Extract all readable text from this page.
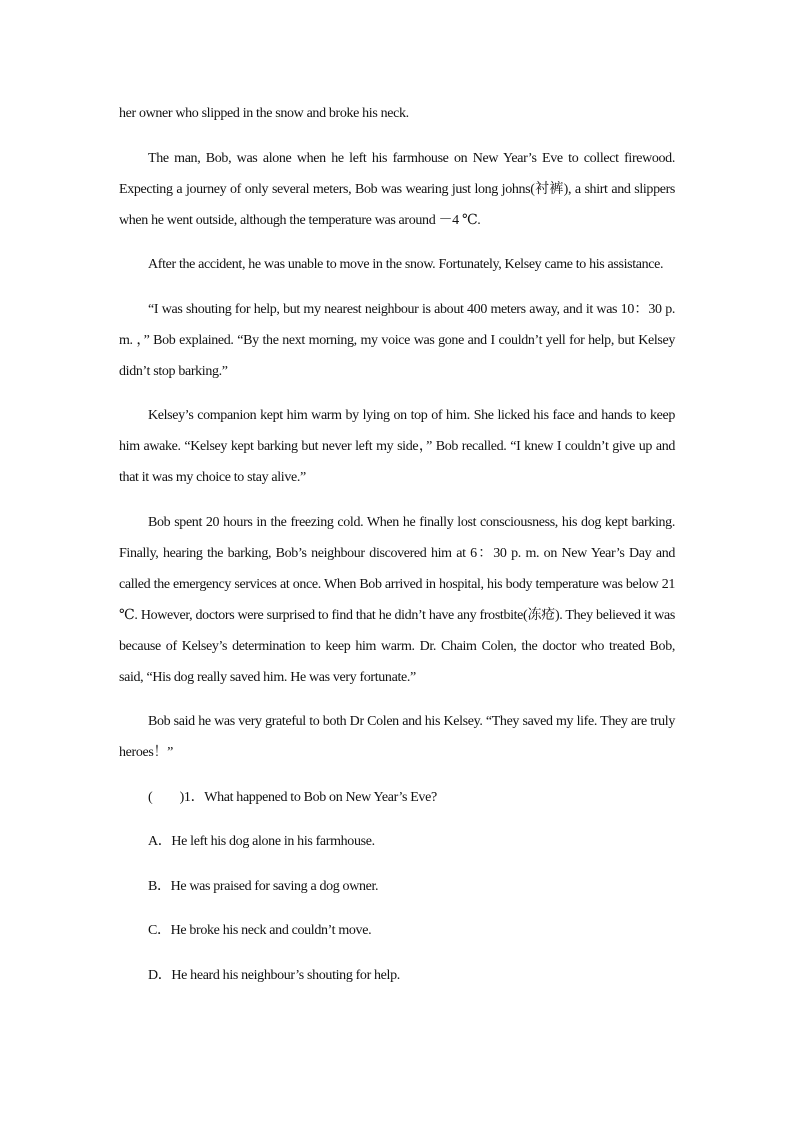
her owner who slipped in the snow and broke his neck.

The man, Bob, was alone when he left his farmhouse on New Year’s Eve to collect firewood. Expecting a journey of only several meters, Bob was wearing just long johns(衬裤), a shirt and slippers when he went outside, although the temperature was around －4 ℃.

After the accident, he was unable to move in the snow. Fortunately, Kelsey came to his assistance.

“I was shouting for help, but my nearest neighbour is about 400 meters away, and it was 10：30 p. m. ，” Bob explained. “By the next morning, my voice was gone and I couldn’t yell for help, but Kelsey didn’t stop barking.”

Kelsey’s companion kept him warm by lying on top of him. She licked his face and hands to keep him awake. “Kelsey kept barking but never left my side，” Bob recalled. “I knew I couldn’t give up and that it was my choice to stay alive.”

Bob spent 20 hours in the freezing cold. When he finally lost consciousness, his dog kept barking. Finally, hearing the barking, Bob’s neighbour discovered him at 6：30 p. m. on New Year’s Day and called the emergency services at once. When Bob arrived in hospital, his body temperature was below 21 ℃. However, doctors were surprised to find that he didn’t have any frostbite(冻疮). They believed it was because of Kelsey’s determination to keep him warm. Dr. Chaim Colen, the doctor who treated Bob, said, “His dog really saved him. He was very fortunate.”

Bob said he was very grateful to both Dr Colen and his Kelsey. “They saved my life. They are truly heroes！”

(　　)1．What happened to Bob on New Year’s Eve?

A．He left his dog alone in his farmhouse.

B．He was praised for saving a dog owner.

C．He broke his neck and couldn’t move.

D．He heard his neighbour’s shouting for help.
